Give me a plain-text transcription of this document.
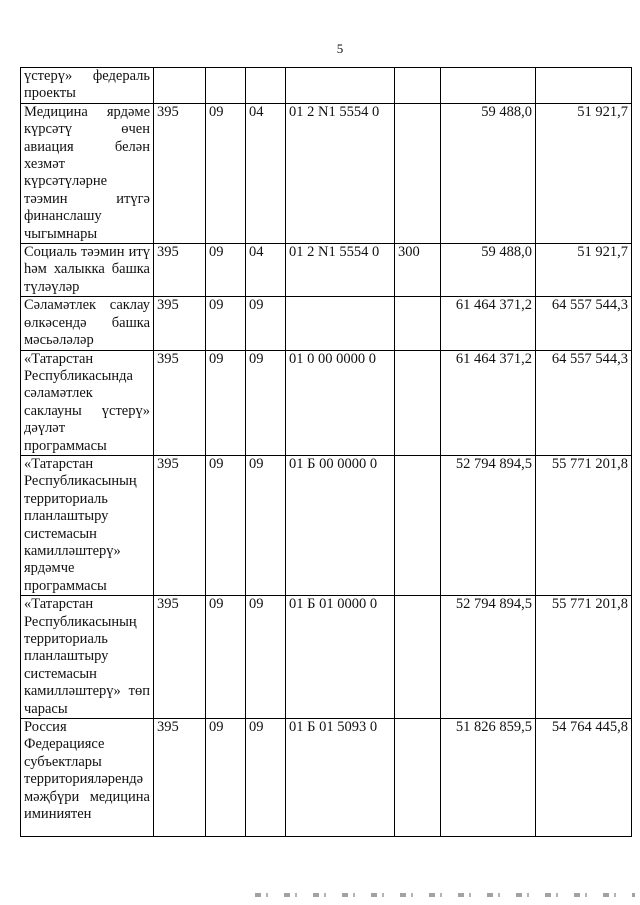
5
үстерү» федераль проекты							
Медицина ярдәме күрсәтү өчен авиация белән хезмәт күрсәтүләрне тәэмин итүгә финанслашу чыгымнары	395	09	04	01 2 N1 5554 0		59 488,0	51 921,7
Социаль тәэмин итү һәм халыкка башка түләүләр	395	09	04	01 2 N1 5554 0	300	59 488,0	51 921,7
Сәламәтлек саклау өлкәсендә башка мәсьәләләр	395	09	09			61 464 371,2	64 557 544,3
«Татарстан Республикасында сәламәтлек саклауны үстерү» дәүләт программасы	395	09	09	01 0 00 0000 0		61 464 371,2	64 557 544,3
«Татарстан Республикасының территориаль планлаштыру системасын камилләштерү» ярдәмче программасы	395	09	09	01 Б 00 0000 0		52 794 894,5	55 771 201,8
«Татарстан Республикасының территориаль планлаштыру системасын камилләштерү» төп чарасы	395	09	09	01 Б 01 0000 0		52 794 894,5	55 771 201,8
Россия Федерациясе субъектлары территорияләрендә мәҗбүри медицина иминиятен	395	09	09	01 Б 01 5093 0		51 826 859,5	54 764 445,8
